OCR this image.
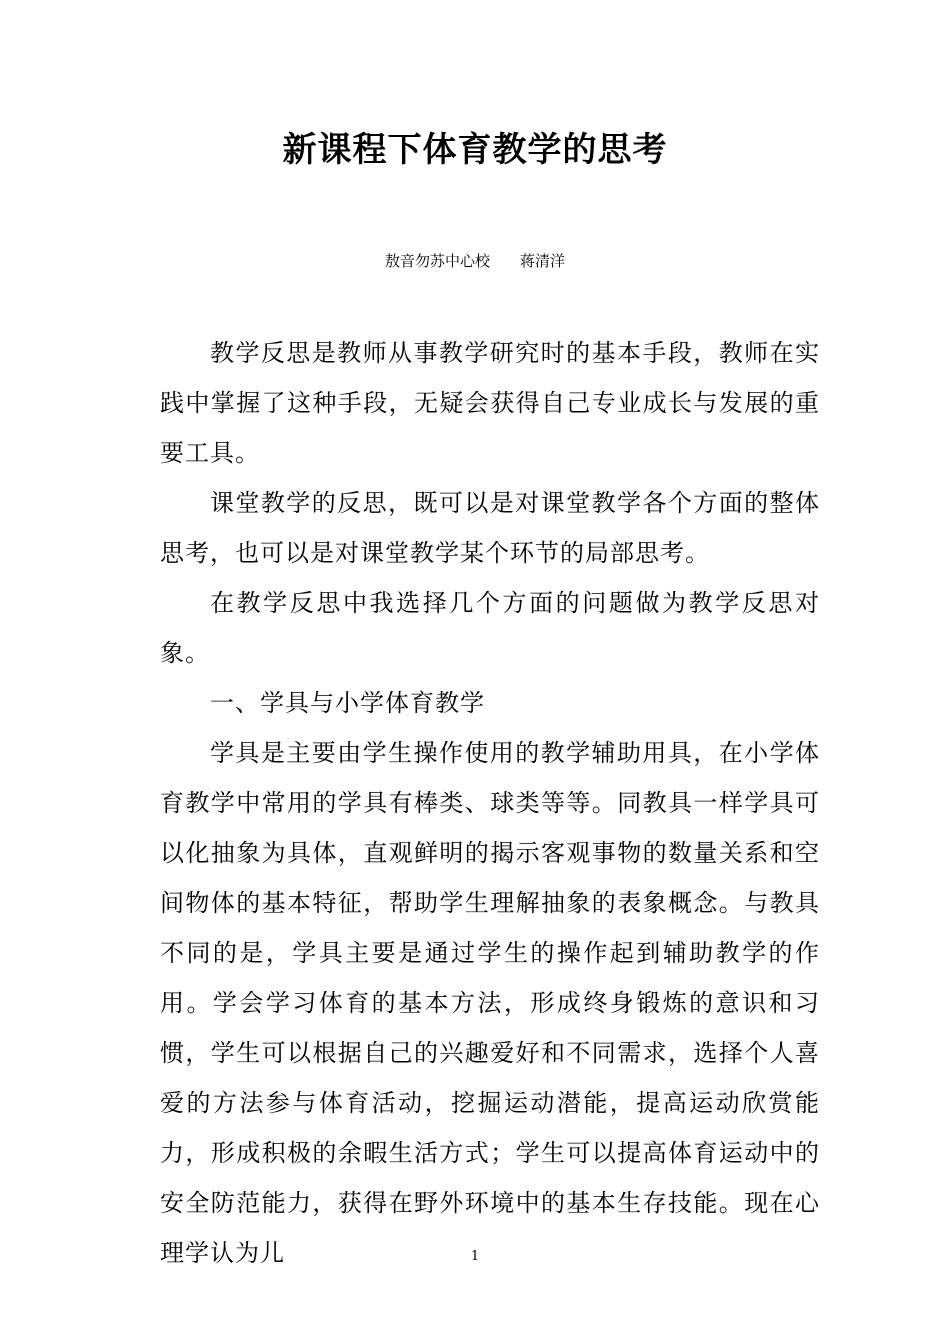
新课程下体育教学的思考
敖音勿苏中心校 蒋清洋

教学反思是教师从事教学研究时的基本手段，教师在实践中掌握了这种手段，无疑会获得自己专业成长与发展的重要工具。

课堂教学的反思，既可以是对课堂教学各个方面的整体思考，也可以是对课堂教学某个环节的局部思考。

在教学反思中我选择几个方面的问题做为教学反思对象。

一、学具与小学体育教学

学具是主要由学生操作使用的教学辅助用具，在小学体育教学中常用的学具有棒类、球类等等。同教具一样学具可以化抽象为具体，直观鲜明的揭示客观事物的数量关系和空间物体的基本特征，帮助学生理解抽象的表象概念。与教具不同的是，学具主要是通过学生的操作起到辅助教学的作用。学会学习体育的基本方法，形成终身锻炼的意识和习惯，学生可以根据自己的兴趣爱好和不同需求，选择个人喜爱的方法参与体育活动，挖掘运动潜能，提高运动欣赏能力，形成积极的余暇生活方式；学生可以提高体育运动中的安全防范能力，获得在野外环境中的基本生存技能。现在心理学认为儿	1
